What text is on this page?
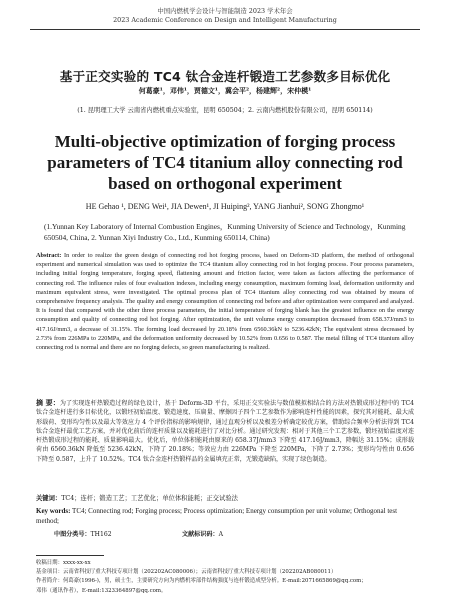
中国内燃机学会设计与智能制造 2023 学术年会
2023 Academic Conference on Design and Intelligent Manufacturing
基于正交实验的 TC4 钛合金连杆锻造工艺参数多目标优化
何葛豪¹，邓伟¹，贾德文¹，冀会平²，杨建辉²，宋仲模¹
(1. 昆明理工大学 云南省内燃机重点实验室，昆明 650504；2. 云南内燃机股份有限公司，昆明 650114)
Multi-objective optimization of forging process parameters of TC4 titanium alloy connecting rod based on orthogonal experiment
HE Gehao ¹, DENG Wei¹, JIA Dewen¹, JI Huiping², YANG Jianhui², SONG Zhongmo¹
(1.Yunnan Key Laboratory of Internal Combustion Engines，Kunming University of Science and Technology，Kunming 650504, China, 2. Yunnan Xiyi Industry Co., Ltd., Kunming 650114, China)
Abstract: In order to realize the green design of connecting rod hot forging process, based on Deform-3D platform, the method of orthogonal experiment and numerical simulation was used to optimize the TC4 titanium alloy connecting rod in hot forging process. Four process parameters, including initial forging temperature, forging speed, flattening amount and friction factor, were taken as factors affecting the performance of connecting rod. The influence rules of four evaluation indexes, including energy consumption, maximum forming load, deformation uniformity and maximum equivalent stress, were investigated. The optimal process plan of TC4 titanium alloy connecting rod was obtained by means of comprehensive frequency analysis. The quality and energy consumption of connecting rod before and after optimization were compared and analyzed. It is found that compared with the other three process parameters, the initial temperature of forging blank has the greatest influence on the energy consumption and quality of connecting rod hot forging. After optimization, the unit volume energy consumption decreased from 658.37J/mm3 to 417.16J/mm3, a decrease of 31.15%. The forming load decreased by 20.18% from 6560.36kN to 5236.42kN; The equivalent stress decreased by 2.73% from 226MPa to 220MPa, and the deformation uniformity decreased by 10.52% from 0.656 to 0.587. The metal filling of TC4 titanium alloy connecting rod is normal and there are no forging defects, so green manufacturing is realized.
摘 要：为了实现连杆热锻造过程的绿色设计，基于 Deform-3D 平台，采用正交实验法与数值模拟相结合的方法对热锻成形过程中的 TC4 钛合金连杆进行多目标优化，以锻坯初始温度、锻造速度、压扁量、摩擦因子四个工艺参数作为影响连杆性能的因素，探究其对能耗、最大成形载荷、变形均匀性以及最大等效应力 4 个评价指标的影响规律，通过直观分析以及极差分析确定较优方案，借助综合频率分析法得到 TC4 钛合金连杆最优工艺方案，并对优化前后的连杆质量以及能耗进行了对比分析。通过研究发现：相对于其他三个工艺参数，锻坯初始温度对连杆热锻成形过程的能耗、质量影响最大。优化后，单位体积能耗由原来的 658.37J/mm3 下降至 417.16J/mm3，降幅达 31.15%；成形载荷由 6560.36kN 降低至 5236.42kN，下降了 20.18%；等效应力由 226MPa 下降至 220MPa，下降了 2.73%；变形均匀性由 0.656 下降至 0.587，上升了 10.52%。TC4 钛合金连杆热锻样品的金属填充正常，无锻造缺陷，实现了绿色制造。
关键词：TC4；连杆；锻造工艺；工艺优化；单位体积能耗；正交试验法
Key words: TC4; Connecting rod; Forging process; Process optimization; Energy consumption per unit volume; Orthogonal test method;
中图分类号：TH162	文献标识码：A
收稿日期：xxxx-xx-xx
基金项目：云南省科技厅重大科技专项计划（202202AC080006）；云南省科技厅重大科技专项计划（202202AB080011）
作者简介：何葛豪(1996-)，男，硕士生，主要研究方向为内燃机零部件结构强度与连杆锻造成型分析。E-mail:2071665869@qq.com；
邓伟（通讯作者），E-mail:1323364897@qq.com。
